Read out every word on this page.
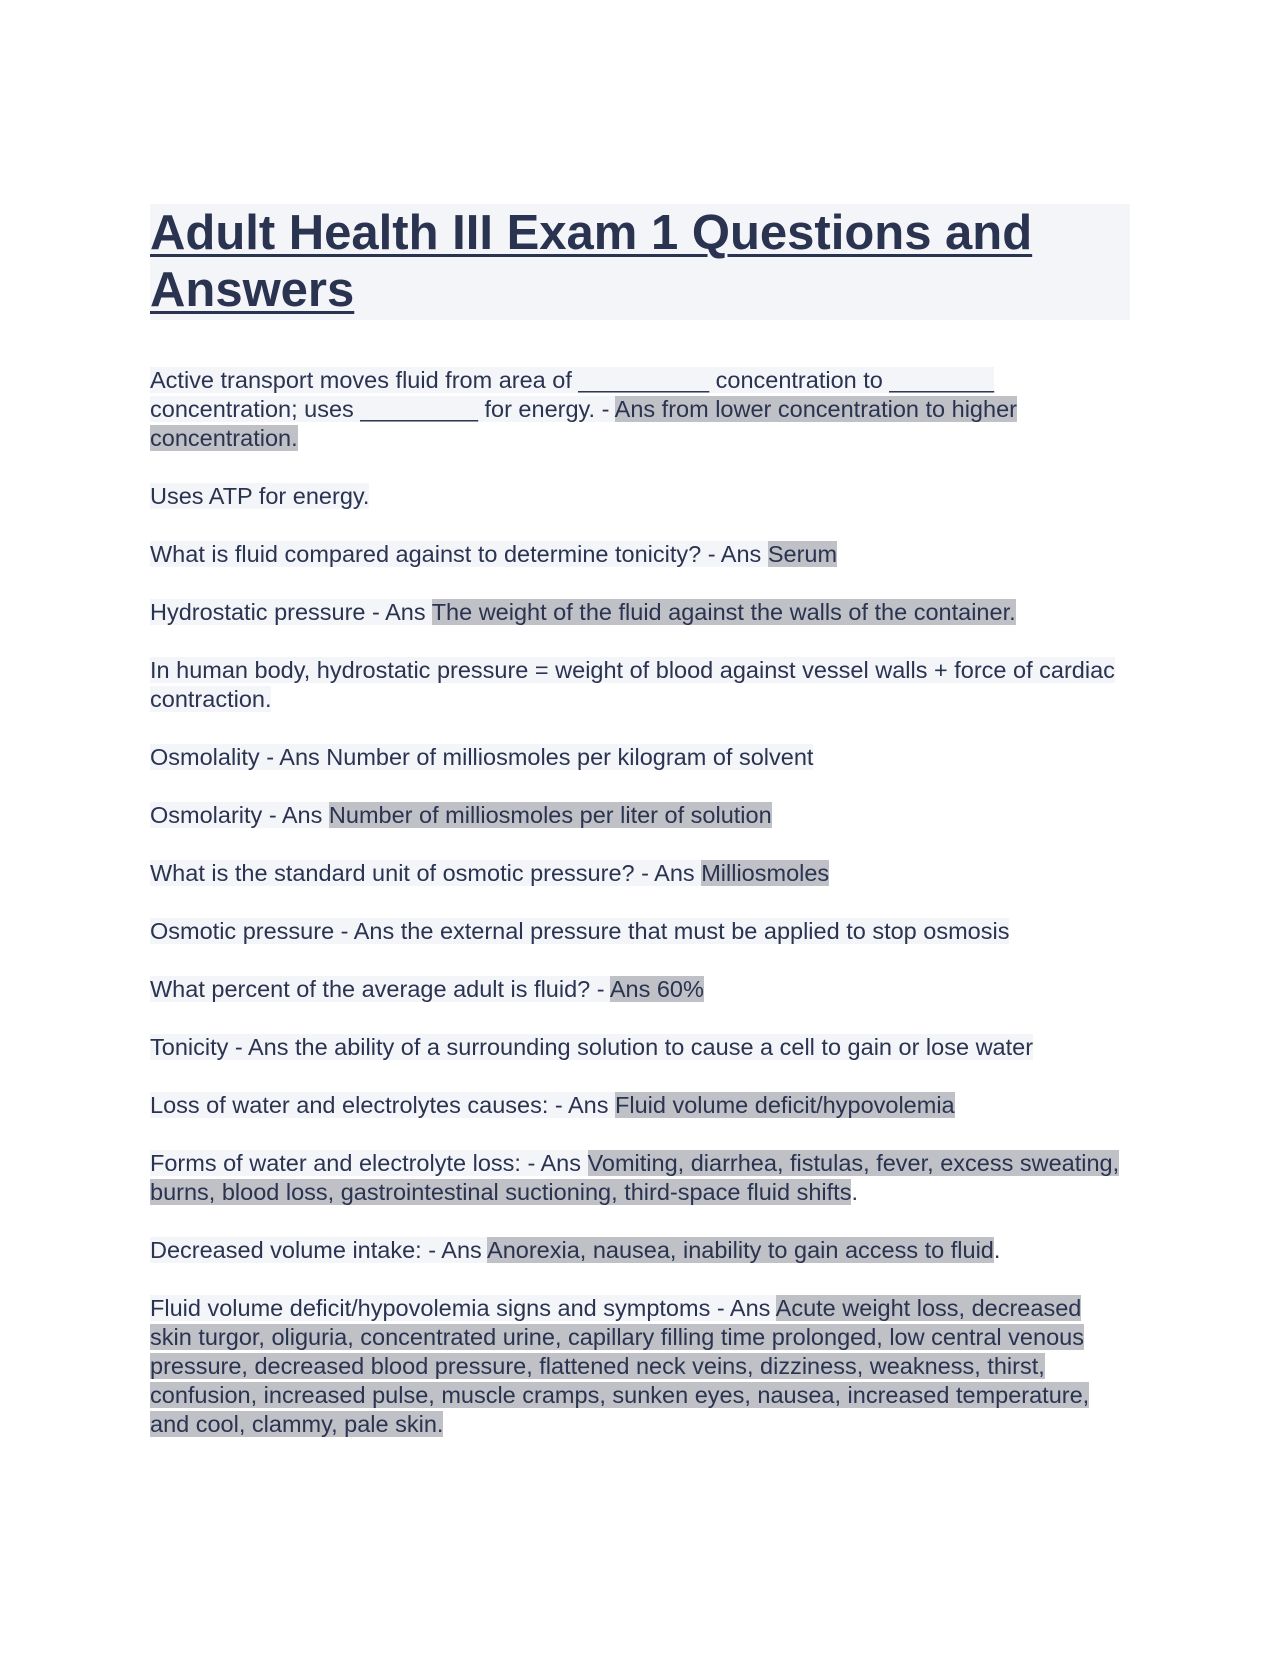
Adult Health III Exam 1 Questions and Answers

Active transport moves fluid from area of __________ concentration to ________ concentration; uses _________ for energy. - Ans from lower concentration to higher concentration.

Uses ATP for energy.

What is fluid compared against to determine tonicity? - Ans Serum

Hydrostatic pressure - Ans The weight of the fluid against the walls of the container.

In human body, hydrostatic pressure = weight of blood against vessel walls + force of cardiac contraction.

Osmolality - Ans Number of milliosmoles per kilogram of solvent

Osmolarity - Ans Number of milliosmoles per liter of solution

What is the standard unit of osmotic pressure? - Ans Milliosmoles

Osmotic pressure - Ans the external pressure that must be applied to stop osmosis

What percent of the average adult is fluid? - Ans 60%

Tonicity - Ans the ability of a surrounding solution to cause a cell to gain or lose water

Loss of water and electrolytes causes: - Ans Fluid volume deficit/hypovolemia

Forms of water and electrolyte loss: - Ans Vomiting, diarrhea, fistulas, fever, excess sweating, burns, blood loss, gastrointestinal suctioning, third-space fluid shifts.

Decreased volume intake: - Ans Anorexia, nausea, inability to gain access to fluid.

Fluid volume deficit/hypovolemia signs and symptoms - Ans Acute weight loss, decreased skin turgor, oliguria, concentrated urine, capillary filling time prolonged, low central venous pressure, decreased blood pressure, flattened neck veins, dizziness, weakness, thirst, confusion, increased pulse, muscle cramps, sunken eyes, nausea, increased temperature, and cool, clammy, pale skin.
